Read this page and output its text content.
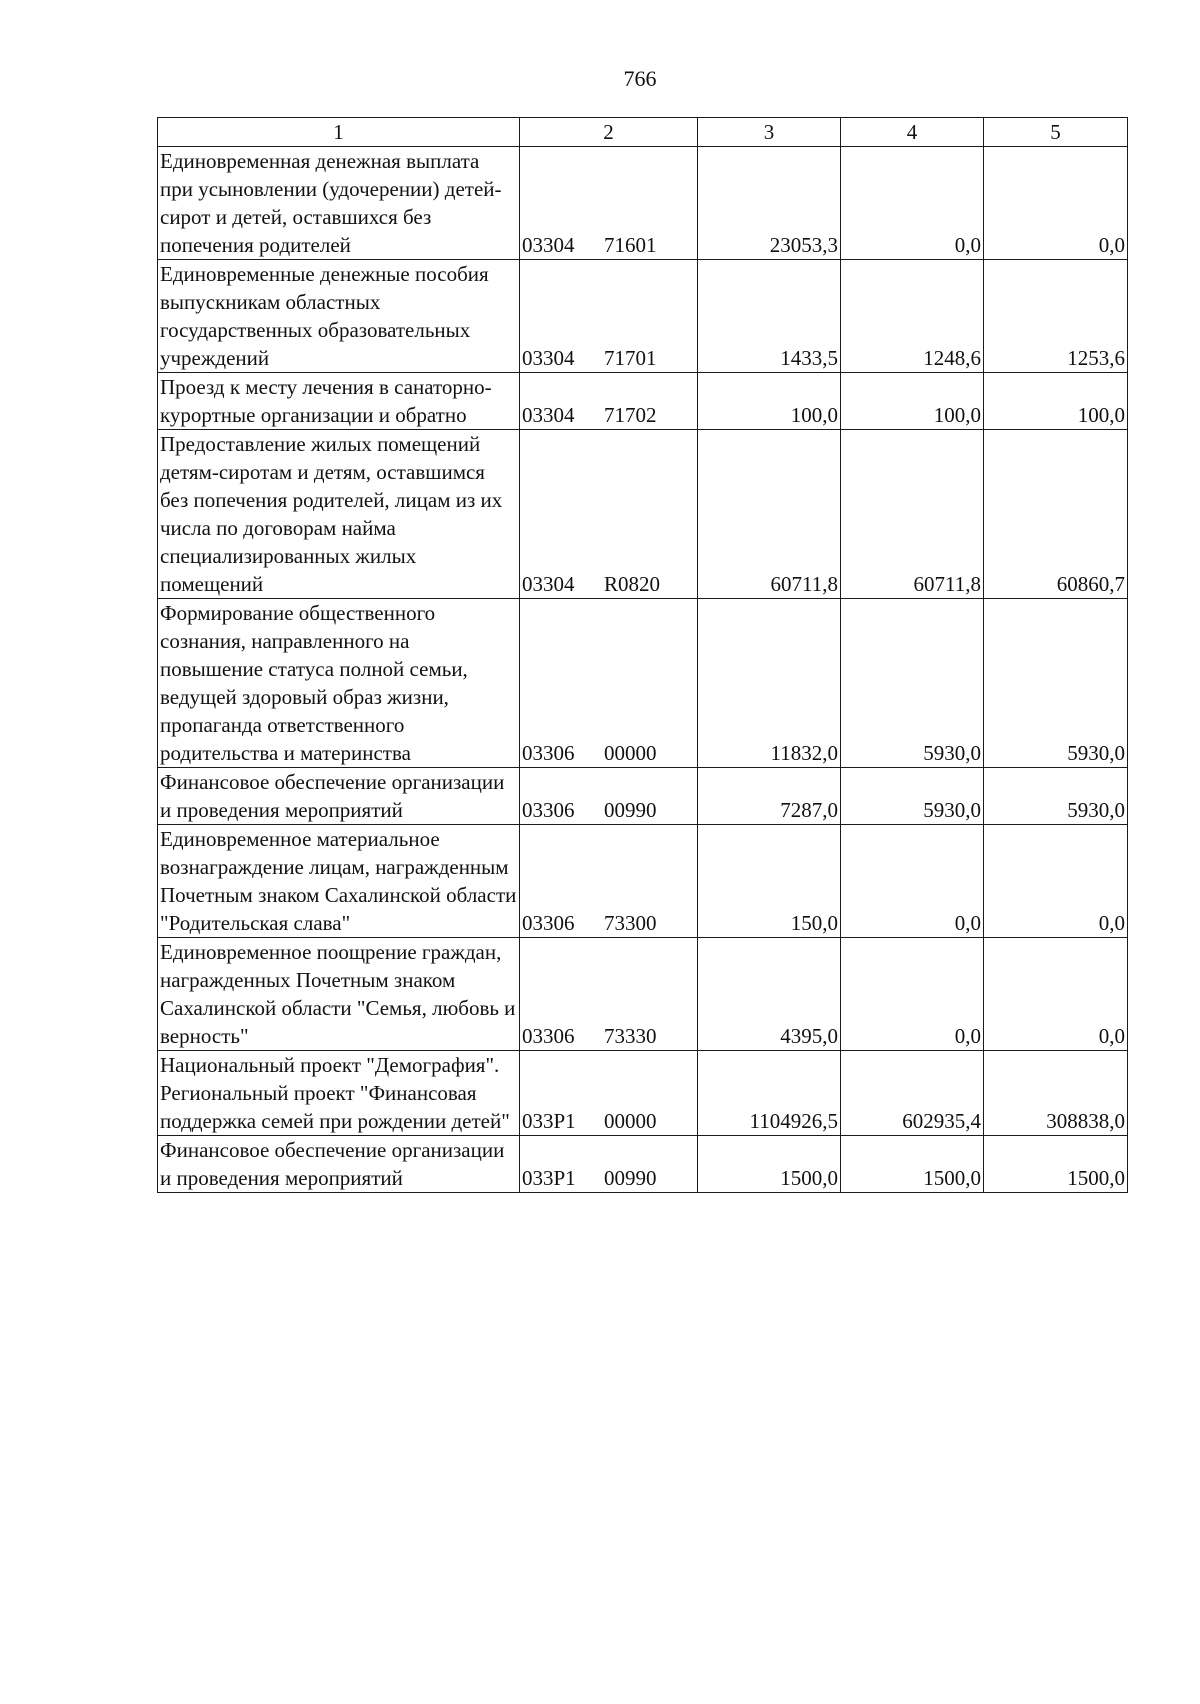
766
1	2	3	4	5
Единовременная денежная выплата при усыновлении (удочерении) детей-сирот и детей, оставшихся без попечения родителей	03304 71601	23053,3	0,0	0,0
Единовременные денежные пособия выпускникам областных государственных образовательных учреждений	03304 71701	1433,5	1248,6	1253,6
Проезд к месту лечения в санаторно-курортные организации и обратно	03304 71702	100,0	100,0	100,0
Предоставление жилых помещений детям-сиротам и детям, оставшимся без попечения родителей, лицам из их числа по договорам найма специализированных жилых помещений	03304 R0820	60711,8	60711,8	60860,7
Формирование общественного сознания, направленного на повышение статуса полной семьи, ведущей здоровый образ жизни, пропаганда ответственного родительства и материнства	03306 00000	11832,0	5930,0	5930,0
Финансовое обеспечение организации и проведения мероприятий	03306 00990	7287,0	5930,0	5930,0
Единовременное материальное вознаграждение лицам, награжденным Почетным знаком Сахалинской области "Родительская слава"	03306 73300	150,0	0,0	0,0
Единовременное поощрение граждан, награжденных Почетным знаком Сахалинской области "Семья, любовь и верность"	03306 73330	4395,0	0,0	0,0
Национальный проект "Демография". Региональный проект "Финансовая поддержка семей при рождении детей"	033P1 00000	1104926,5	602935,4	308838,0
Финансовое обеспечение организации и проведения мероприятий	033P1 00990	1500,0	1500,0	1500,0
